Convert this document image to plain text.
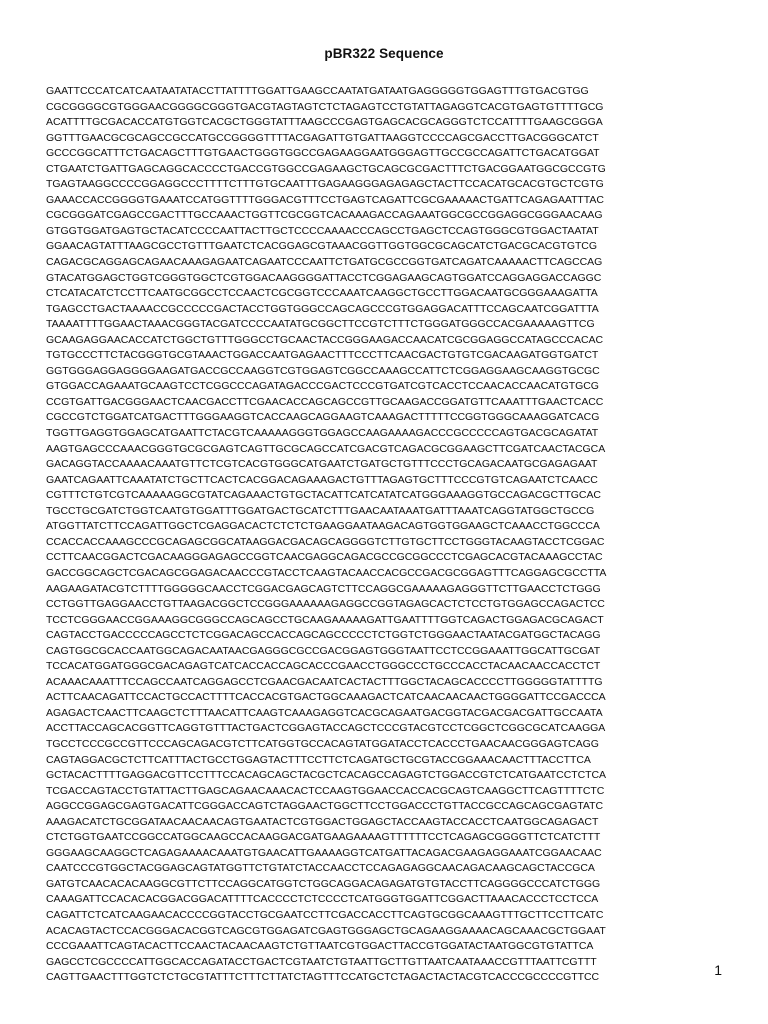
pBR322 Sequence
GAATTCCCATCATCAATAATATACCTTATTTTGGATTGAAGCCAATATGATAATGAGGGGGTGGAGTTTGTGACGTGG
CGCGGGGCGTGGGAACGGGGCGGGTGACGTAGTAGTCTCTAGAGTCCTGTATTAGAGGTCACGTGAGTGTTTTGCG
ACATTTTGCGACACCATGTGGTCACGCTGGGTATTTAAGCCCGAGTGAGCACGCAGGGTCTCCATTTTGAAGCGGGA
GGTTTGAACGCGCAGCCGCCATGCCGGGGTTTTACGAGATTGTGATTAAGGTCCCCAGCGACCTTGACGGGCATCT
GCCCGGCATTTCTGACAGCTTTGTGAACTGGGTGGCCGAGAAGGAATGGGAGTTGCCGCCAGATTCTGACATGGAT
CTGAATCTGATTGAGCAGGCACCCCTGACCGTGGCCGAGAAGCTGCAGCGCGACTTTCTGACGGAATGGCGCCGTG
TGAGTAAGGCCCCGGAGGCCCTTTTCTTTGTGCAATTTGAGAAGGGAGAGAGCTACTTCCACATGCACGTGCTCGTG
GAAACCACCGGGGTGAAATCCATGGTTTTGGGACGTTTCCTGAGTCAGATTCGCGAAAAACTGATTCAGAGAATTTAC
CGCGGGATCGAGCCGACTTTGCCAAACTGGTTCGCGGTCACAAAGACCAGAAATGGCGCCGGAGGCGGGAACAAG
GTGGTGGATGAGTGCTACATCCCCAATTACTTGCTCCCCAAAACCCAGCCTGAGCTCCAGTGGGCGTGGACTAATAT
GGAACAGTATTTAAGCGCCTGTTTGAATCTCACGGAGCGTAAACGGTTGGTGGCGCAGCATCTGACGCACGTGTCG
CAGACGCAGGAGCAGAACAAAGAGAATCAGAATCCCAATTCTGATGCGCCGGTGATCAGATCAAAAACTTCAGCCAG
GTACATGGAGCTGGTCGGGTGGCTCGTGGACAAGGGGATTACCTCGGAGAAGCAGTGGATCCAGGAGGACCAGGC
CTCATACATCTCCTTCAATGCGGCCTCCAACTCGCGGTCCCAAATCAAGGCTGCCTTGGACAATGCGGGAAAGATTA
TGAGCCTGACTAAAACCGCCCCCGACTACCTGGTGGGCCAGCAGCCCGTGGAGGACATTTCCAGCAATCGGATTTA
TAAAATTTTGGAACTAAACGGGTACGATCCCCAATATGCGGCTTCCGTCTTTCTGGGATGGGCCACGAAAAAGTTCG
GCAAGAGGAACACCATCTGGCTGTTTGGGCCTGCAACTACCGGGAAGACCAACATCGCGGAGGCCATAGCCCACAC
TGTGCCCTTCTACGGGTGCGTAAACTGGACCAATGAGAACTTTCCCTTCAACGACTGTGTCGACAAGATGGTGATCT
GGTGGGAGGAGGGGAAGATGACCGCCAAGGTCGTGGAGTCGGCCAAAGCCATTCTCGGAGGAAGCAAGGTGCGC
GTGGACCAGAAATGCAAGTCCTCGGCCCAGATAGACCCGACTCCCGTGATCGTCACCTCCAACACCAACATGTGCG
CCGTGATTGACGGGAACTCAACGACCTTCGAACACCAGCAGCCGTTGCAAGACCGGATGTTCAAATTTGAACTCACC
CGCCGTCTGGATCATGACTTTGGGAAGGTCACCAAGCAGGAAGTCAAAGACTTTTTCCGGTGGGCAAAGGATCACG
TGGTTGAGGTGGAGCATGAATTCTACGTCAAAAAGGGTGGAGCCAAGAAAAGACCCGCCCCCAGTGACGCAGATAT
AAGTGAGCCCAAACGGGTGCGCGAGTCAGTTGCGCAGCCATCGACGTCAGACGCGGAAGCTTCGATCAACTACGCA
GACAGGTACCAAAACAAATGTTCTCGTCACGTGGGCATGAATCTGATGCTGTTTCCCTGCAGACAATGCGAGAGAAT
GAATCAGAATTCAAATATCTGCTTCACTCACGGACAGAAAGACTGTTTAGAGTGCTTTCCCGTGTCAGAATCTCAACC
CGTTTCTGTCGTCAAAAAGGCGTATCAGAAACTGTGCTACATTCATCATATCATGGGAAAGGTGCCAGACGCTTGCAC
TGCCTGCGATCTGGTCAATGTGGATTTGGATGACTGCATCTTTGAACAATAAATGATTTAAATCAGGTATGGCTGCCG
ATGGTTATCTTCCAGATTGGCTCGAGGACACTCTCTCTGAAGGAATAAGACAGTGGTGGAAGCTCAAACCTGGCCCA
CCACCACCAAAGCCCGCAGAGCGGCATAAGGACGACAGCAGGGGTCTTGTGCTTCCTGGGTACAAGTACCTCGGAC
CCTTCAACGGACTCGACAAGGGAGAGCCGGTCAACGAGGCAGACGCCGCGGCCCTCGAGCACGTACAAAGCCTAC
GACCGGCAGCTCGACAGCGGAGACAACCCGTACCTCAAGTACAACCACGCCGACGCGGAGTTTCAGGAGCGCCTTA
AAGAAGATACGTCTTTTGGGGGCAACCTCGGACGAGCAGTCTTCCAGGCGAAAAAGAGGGTTCTTGAACCTCTGGG
CCTGGTTGAGGAACCTGTTAAGACGGCTCCGGGAAAAAAGAGGCCGGTAGAGCACTCTCCTGTGGAGCCAGACTCC
TCCTCGGGAACCGGAAAGGCGGGCCAGCAGCCTGCAAGAAAAAGATTGAATTTTGGTCAGACTGGAGACGCAGACT
CAGTACCTGACCCCCAGCCTCTCGGACAGCCACCAGCAGCCCCCTCTGGTCTGGGAACTAATACGATGGCTACAGG
CAGTGGCGCACCAATGGCAGACAATAACGAGGGCGCCGACGGAGTGGGTAATTCCTCCGGAAATTGGCATTGCGAT
TCCACATGGATGGGCGACAGAGTCATCACCACCAGCACCCGAACCTGGGCCCTGCCCACCTACAACAACCACCTCT
ACAAACAAATTTCCAGCCAATCAGGAGCCTCGAACGACAATCACTACTTTGGCTACAGCACCCCTTGGGGGTATTTTG
ACTTCAACAGATTCCACTGCCACTTTTCACCACGTGACTGGCAAAGACTCATCAACAACAACTGGGGATTCCGACCCA
AGAGACTCAACTTCAAGCTCTTTAACATTCAAGTCAAAGAGGTCACGCAGAATGACGGTACGACGACGATTGCCAATA
ACCTTACCAGCACGGTTCAGGTGTTTACTGACTCGGAGTACCAGCTCCCGTACGTCCTCGGCTCGGCGCATCAAGGA
TGCCTCCCGCCGTTCCCAGCAGACGTCTTCATGGTGCCACAGTATGGATACCTCACCCTGAACAACGGGAGTCAGG
CAGTAGGACGCTCTTCATTTACTGCCTGGAGTACTTTCCTTCTCAGATGCTGCGTACCGGAAACAACTTTACCTTCA
GCTACACTTTTGAGGACGTTCCTTTCCACAGCAGCTACGCTCACAGCCAGAGTCTGGACCGTCTCATGAATCCTCTCA
TCGACCAGTACCTGTATTACTTGAGCAGAACAAACACTCCAAGTGGAACCACCACGCAGTCAAGGCTTCAGTTTTCTC
AGGCCGGAGCGAGTGACATTCGGGACCAGTCTAGGAACTGGCTTCCTGGACCCTGTTACCGCCAGCAGCGAGTATC
AAAGACATCTGCGGATAACAACAACAGTGAATACTCGTGGACTGGAGCTACCAAGTACCACCTCAATGGCAGAGACT
CTCTGGTGAATCCGGCCATGGCAAGCCACAAGGACGATGAAGAAAAGTTTTTTCCTCAGAGCGGGGTTCTCATCTTT
GGGAAGCAAGGCTCAGAGAAAACAAATGTGAACATTGAAAAGGTCATGATTACAGACGAAGAGGAAATCGGAACAAC
CAATCCCGTGGCTACGGAGCAGTATGGTTCTGTATCTACCAACCTCCAGAGAGGCAACAGACAAGCAGCTACCGCA
GATGTCAACACACAAGGCGTTCTTCCAGGCATGGTCTGGCAGGACAGAGATGTGTACCTTCAGGGGCCCATCTGGG
CAAAGATTCCACACACGGACGGACATTTTCACCCCTCTCCCCTCATGGGTGGATTCGGACTTAAACACCCTCCTCCA
CAGATTCTCATCAAGAACACCCCGGTACCTGCGAATCCTTCGACCACCTTCAGTGCGGCAAAGTTTGCTTCCTTCATC
ACACAGTACTCCACGGGACACGGTCAGCGTGGAGATCGAGTGGGAGCTGCAGAAGGAAAACAGCAAACGCTGGAAT
CCCGAAATTCAGTACACTTCCAACTACAACAAGTCTGTTAATCGTGGACTTACCGTGGATACTAATGGCGTGTATTCA
GAGCCTCGCCCCATTGGCACCAGATACCTGACTCGTAATCTGTAATTGCTTGTTAATCAATAAACCGTTTAATTCGTTT
CAGTTGAACTTTGGTCTCTGCGTATTTCTTTCTTATCTAGTTTCCATGCTCTAGACTACTACGTCACCCGCCCCGTTCC	1
